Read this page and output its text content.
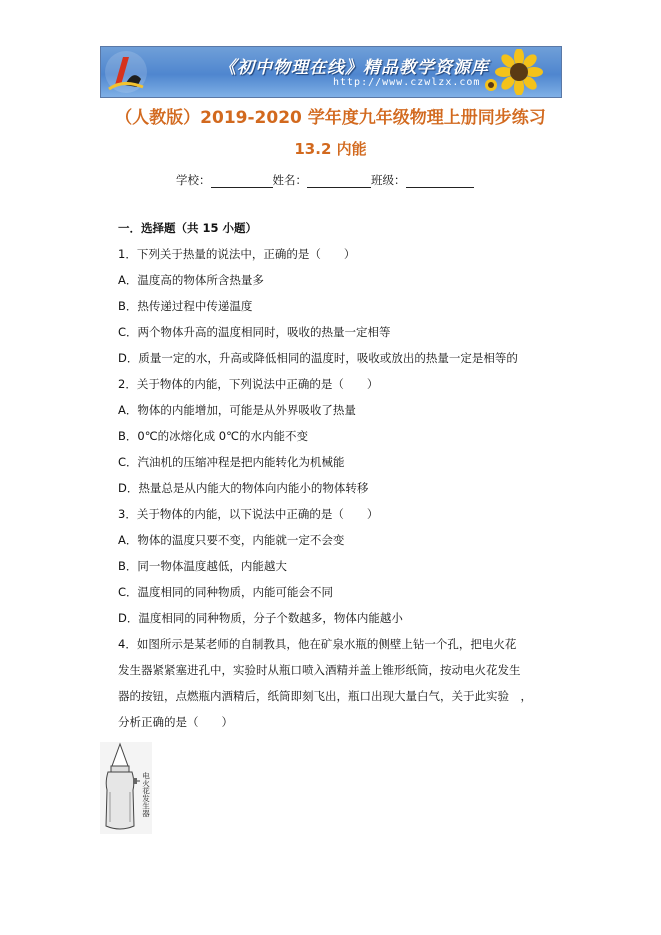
《初中物理在线》精品教学资源库
http://www.czwlzx.com
（人教版）2019-2020 学年度九年级物理上册同步练习
13.2 内能
学校：	姓名：	班级：
一．选择题（共 15 小题）
1．下列关于热量的说法中，正确的是（　　）
A．温度高的物体所含热量多
B．热传递过程中传递温度
C．两个物体升高的温度相同时，吸收的热量一定相等
D．质量一定的水，升高或降低相同的温度时，吸收或放出的热量一定是相等的
2．关于物体的内能，下列说法中正确的是（　　）
A．物体的内能增加，可能是从外界吸收了热量
B．0℃的冰熔化成 0℃的水内能不变
C．汽油机的压缩冲程是把内能转化为机械能
D．热量总是从内能大的物体向内能小的物体转移
3．关于物体的内能，以下说法中正确的是（　　）
A．物体的温度只要不变，内能就一定不会变
B．同一物体温度越低，内能越大
C．温度相同的同种物质，内能可能会不同
D．温度相同的同种物质，分子个数越多，物体内能越小
4．如图所示是某老师的自制教具，他在矿泉水瓶的侧壁上钻一个孔，把电火花
发生器紧紧塞进孔中，实验时从瓶口喷入酒精并盖上锥形纸筒，按动电火花发生
器的按钮，点燃瓶内酒精后，纸筒即刻飞出，瓶口出现大量白气，关于此实验　，
分析正确的是（　　）
电火花发生器
